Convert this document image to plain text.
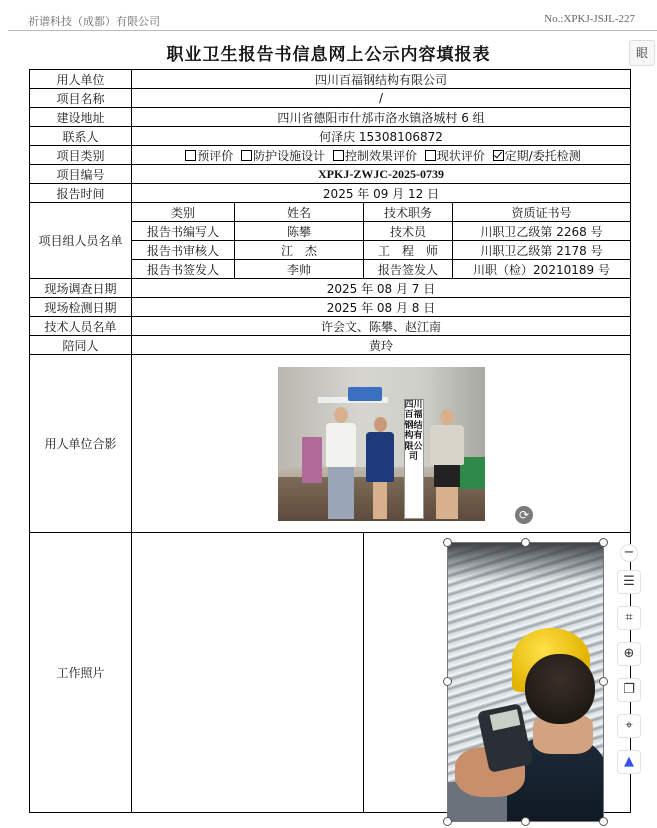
祈谱科技（成都）有限公司	No.:XPKJ-JSJL-227
职业卫生报告书信息网上公示内容填报表	眼
用人单位	四川百福钢结构有限公司			
项目名称	/			
建设地址	四川省德阳市什邡市洛水镇洛城村 6 组			
联系人	何泽庆 15308106872			
项目类别	预评价 防护设施设计 控制效果评价 现状评价 定期/委托检测			
项目编号	XPKJ-ZWJC-2025-0739			
报告时间	2025 年 09 月 12 日			
项目组人员名单	类别	姓名	技术职务	资质证书号
	报告书编写人	陈攀	技术员	川职卫乙级第 2268 号
	报告书审核人	江　杰	工　程　师	川职卫乙级第 2178 号
	报告书签发人	李帅	报告签发人	川职（检）20210189 号
现场调查日期	2025 年 08 月 7 日			
现场检测日期	2025 年 08 月 8 日			
技术人员名单	许会文、陈攀、赵江南			
陪同人	黄玲			
用人单位合影	四川百福钢结构有限公司			

工作照片				
⟳
−
☰
⌗
⊕
❐
⌖
▲
